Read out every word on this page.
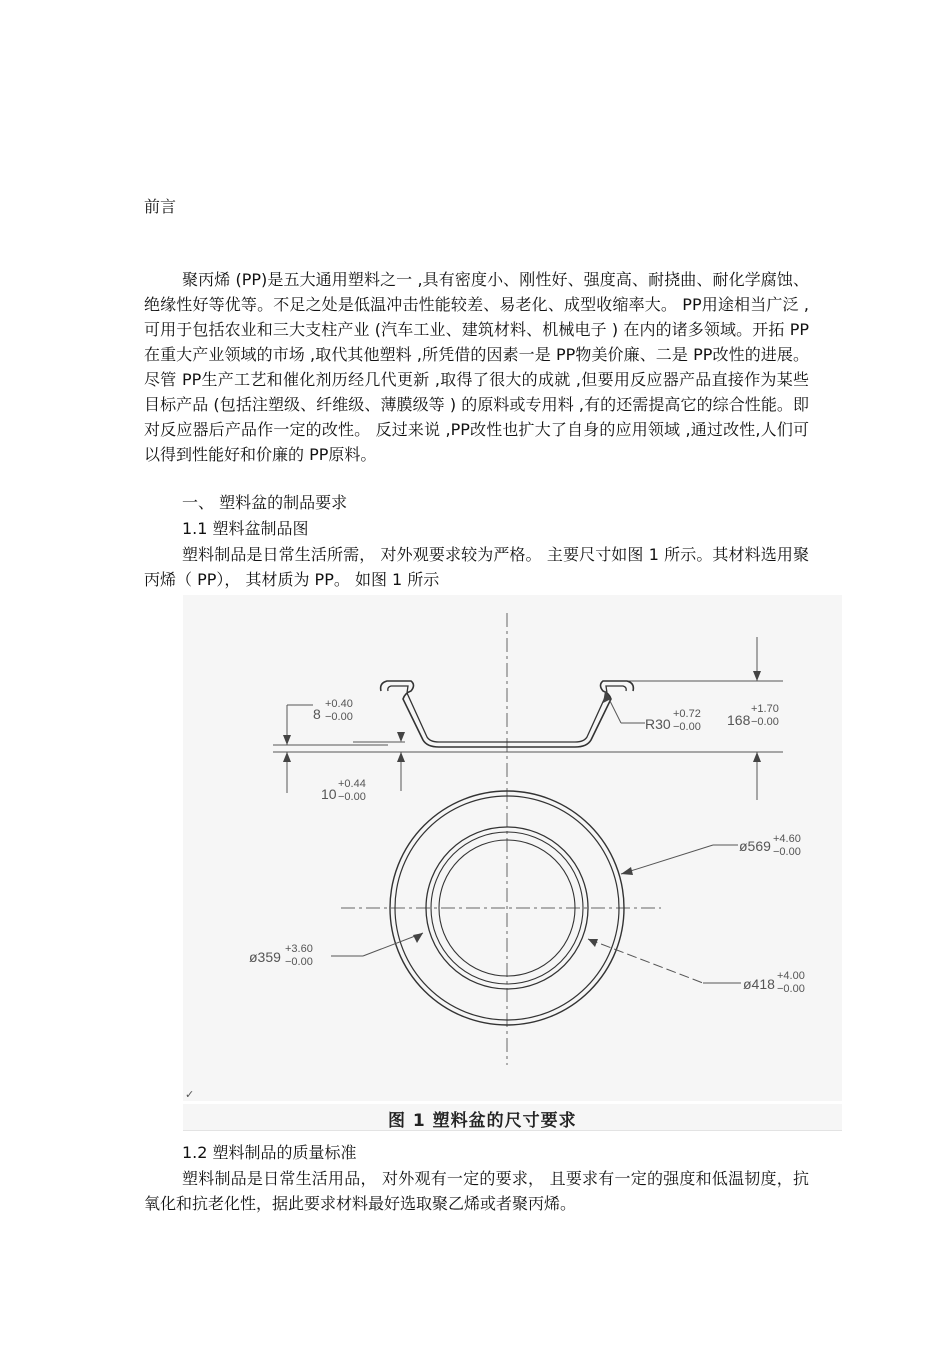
前言

聚丙烯 (PP)是五大通用塑料之一 ,具有密度小、刚性好、强度高、耐挠曲、耐化学腐蚀、绝缘性好等优等。不足之处是低温冲击性能较差、易老化、成型收缩率大。 PP用途相当广泛 ,可用于包括农业和三大支柱产业 (汽车工业、建筑材料、机械电子 ) 在内的诸多领域。开拓 PP在重大产业领域的市场 ,取代其他塑料 ,所凭借的因素一是 PP物美价廉、二是 PP改性的进展。尽管 PP生产工艺和催化剂历经几代更新 ,取得了很大的成就 ,但要用反应器产品直接作为某些目标产品 (包括注塑级、纤维级、薄膜级等 ) 的原料或专用料 ,有的还需提高它的综合性能。即对反应器后产品作一定的改性。 反过来说 ,PP改性也扩大了自身的应用领域 ,通过改性,人们可以得到性能好和价廉的 PP原料。

一、 塑料盆的制品要求
1.1 塑料盆制品图

塑料制品是日常生活所需， 对外观要求较为严格。 主要尺寸如图 1 所示。其材料选用聚丙烯（ PP）， 其材质为 PP。 如图 1 所示

8
+0.40
−0.00
10
+0.44
−0.00
R30
+0.72
−0.00 168
+1.70
−0.00
ø569 +4.60
−0.00
ø359 +3.60
−0.00
ø418 +4.00
−0.00
✓
图 1 塑料盆的尺寸要求
1.2 塑料制品的质量标准

塑料制品是日常生活用品， 对外观有一定的要求， 且要求有一定的强度和低温韧度，抗氧化和抗老化性，据此要求材料最好选取聚乙烯或者聚丙烯。
